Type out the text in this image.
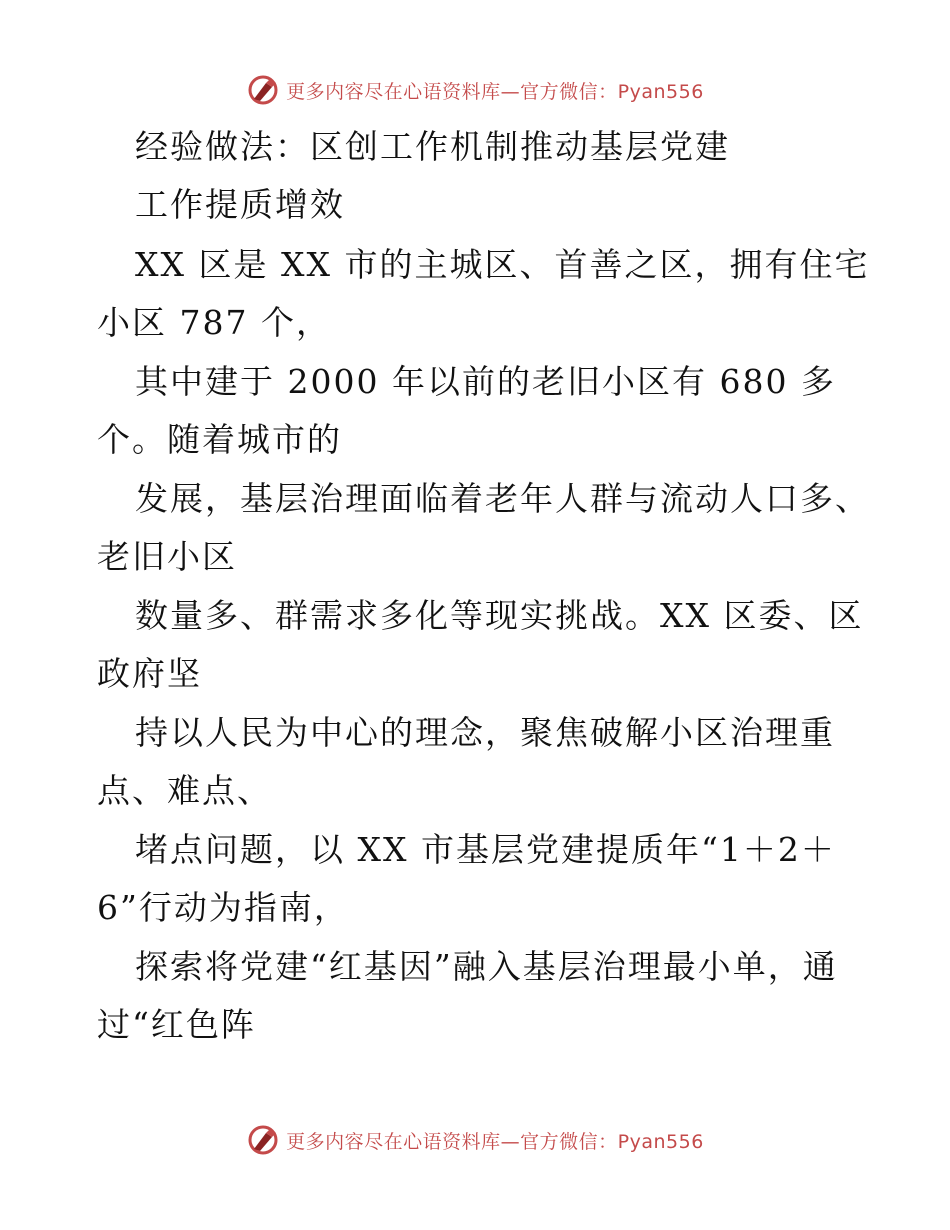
更多内容尽在心语资料库—官方微信：Pyan556
经验做法：区创工作机制推动基层党建
工作提质增效
XX 区是 XX 市的主城区、首善之区，拥有住宅
小区 787 个，
其中建于 2000 年以前的老旧小区有 680 多
个。随着城市的
发展，基层治理面临着老年人群与流动人口多、
老旧小区
数量多、群需求多化等现实挑战。XX 区委、区
政府坚
持以人民为中心的理念，聚焦破解小区治理重
点、难点、
堵点问题，以 XX 市基层党建提质年“1＋2＋
6”行动为指南，
探索将党建“红基因”融入基层治理最小单，通
过“红色阵
更多内容尽在心语资料库—官方微信：Pyan556
